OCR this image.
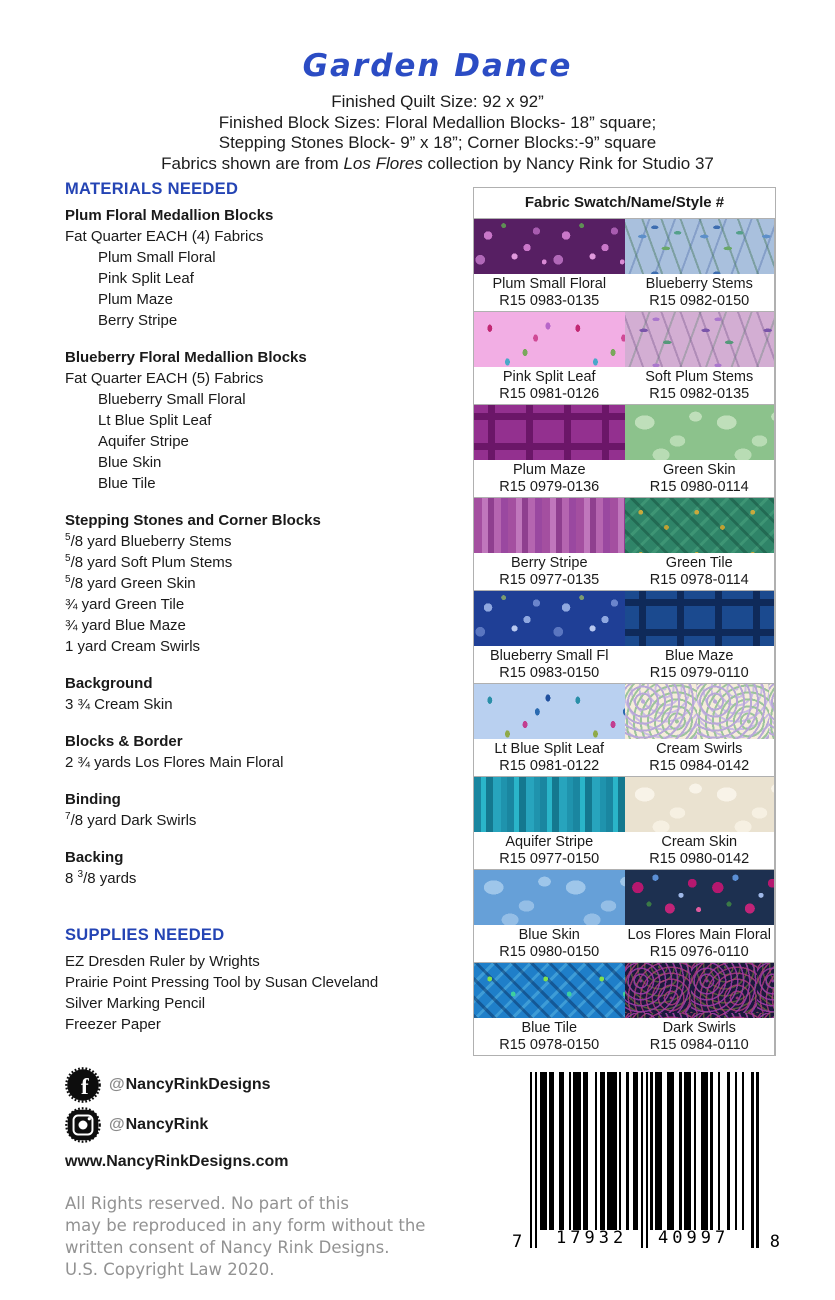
Garden Dance

Finished Quilt Size: 92 x 92”

Finished Block Sizes: Floral Medallion Blocks- 18” square;

Stepping Stones Block- 9” x 18”; Corner Blocks:-9” square

Fabrics shown are from Los Flores collection by Nancy Rink for Studio 37

MATERIALS NEEDED
Plum Floral Medallion Blocks
Fat Quarter EACH (4) Fabrics
Plum Small Floral
Pink Split Leaf
Plum Maze
Berry Stripe
Blueberry Floral Medallion Blocks
Fat Quarter EACH (5) Fabrics
Blueberry Small Floral
Lt Blue Split Leaf
Aquifer Stripe
Blue Skin
Blue Tile
Stepping Stones and Corner Blocks
$^5$/8 yard Blueberry Stems
$^5$/8 yard Soft Plum Stems
$^5$/8 yard Green Skin
¾ yard Green Tile
¾ yard Blue Maze
1 yard Cream Swirls
Background
3 ¾ Cream Skin
Blocks & Border
2 ¾ yards Los Flores Main Floral
Binding
$^7$/8 yard Dark Swirls
Backing
8 $^3$/8 yards
SUPPLIES NEEDED
EZ Dresden Ruler by Wrights
Prairie Point Pressing Tool by Susan Cleveland
Silver Marking Pencil
Freezer Paper
f @NancyRinkDesigns
@NancyRink
www.NancyRinkDesigns.com
All Rights reserved. No part of this
may be reproduced in any form without the
written consent of Nancy Rink Designs.
U.S. Copyright Law 2020.
Fabric Swatch/Name/Style #
Plum Small Floral
R15 0983-0135
Blueberry Stems
R15 0982-0150
Pink Split Leaf
R15 0981-0126
Soft Plum Stems
R15 0982-0135
Plum Maze
R15 0979-0136
Green Skin
R15 0980-0114
Berry Stripe
R15 0977-0135
Green Tile
R15 0978-0114
Blueberry Small Fl
R15 0983-0150
Blue Maze
R15 0979-0110
Lt Blue Split Leaf
R15 0981-0122
Cream Swirls
R15 0984-0142
Aquifer Stripe
R15 0977-0150
Cream Skin
R15 0980-0142
Blue Skin
R15 0980-0150
Los Flores Main Floral
R15 0976-0110
Blue Tile
R15 0978-0150
Dark Swirls
R15 0984-0110
7 17932 40997 8
